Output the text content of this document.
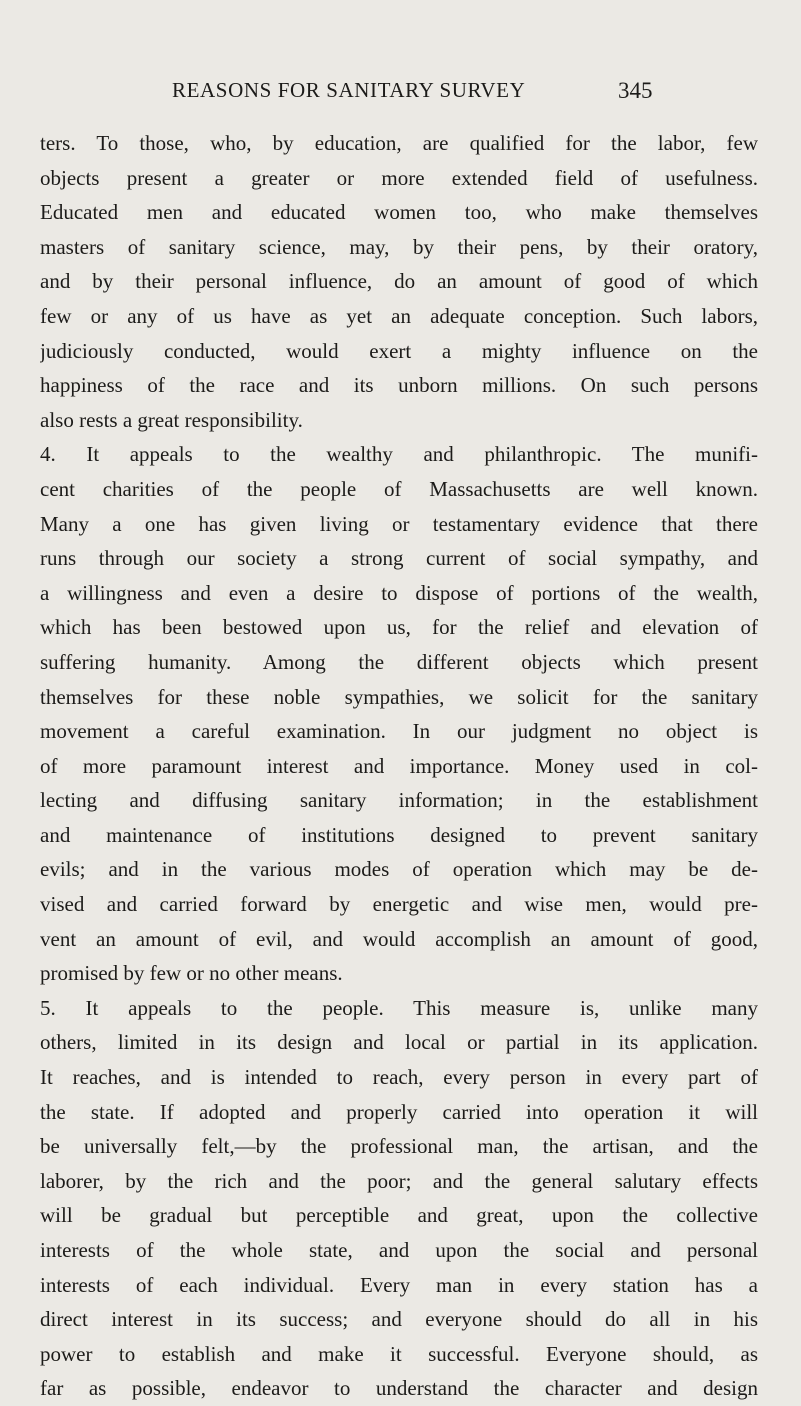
REASONS FOR SANITARY SURVEY	345
ters. To those, who, by education, are qualified for the labor, few
objects present a greater or more extended field of usefulness.
Educated men and educated women too, who make themselves
masters of sanitary science, may, by their pens, by their oratory,
and by their personal influence, do an amount of good of which
few or any of us have as yet an adequate conception. Such labors,
judiciously conducted, would exert a mighty influence on the
happiness of the race and its unborn millions. On such persons
also rests a great responsibility.
4. It appeals to the wealthy and philanthropic. The munifi-
cent charities of the people of Massachusetts are well known.
Many a one has given living or testamentary evidence that there
runs through our society a strong current of social sympathy, and
a willingness and even a desire to dispose of portions of the wealth,
which has been bestowed upon us, for the relief and elevation of
suffering humanity. Among the different objects which present
themselves for these noble sympathies, we solicit for the sanitary
movement a careful examination. In our judgment no object is
of more paramount interest and importance. Money used in col-
lecting and diffusing sanitary information; in the establishment
and maintenance of institutions designed to prevent sanitary
evils; and in the various modes of operation which may be de-
vised and carried forward by energetic and wise men, would pre-
vent an amount of evil, and would accomplish an amount of good,
promised by few or no other means.
5. It appeals to the people. This measure is, unlike many
others, limited in its design and local or partial in its application.
It reaches, and is intended to reach, every person in every part of
the state. If adopted and properly carried into operation it will
be universally felt,—by the professional man, the artisan, and the
laborer, by the rich and the poor; and the general salutary effects
will be gradual but perceptible and great, upon the collective
interests of the whole state, and upon the social and personal
interests of each individual. Every man in every station has a
direct interest in its success; and everyone should do all in his
power to establish and make it successful. Everyone should, as
far as possible, endeavor to understand the character and design
